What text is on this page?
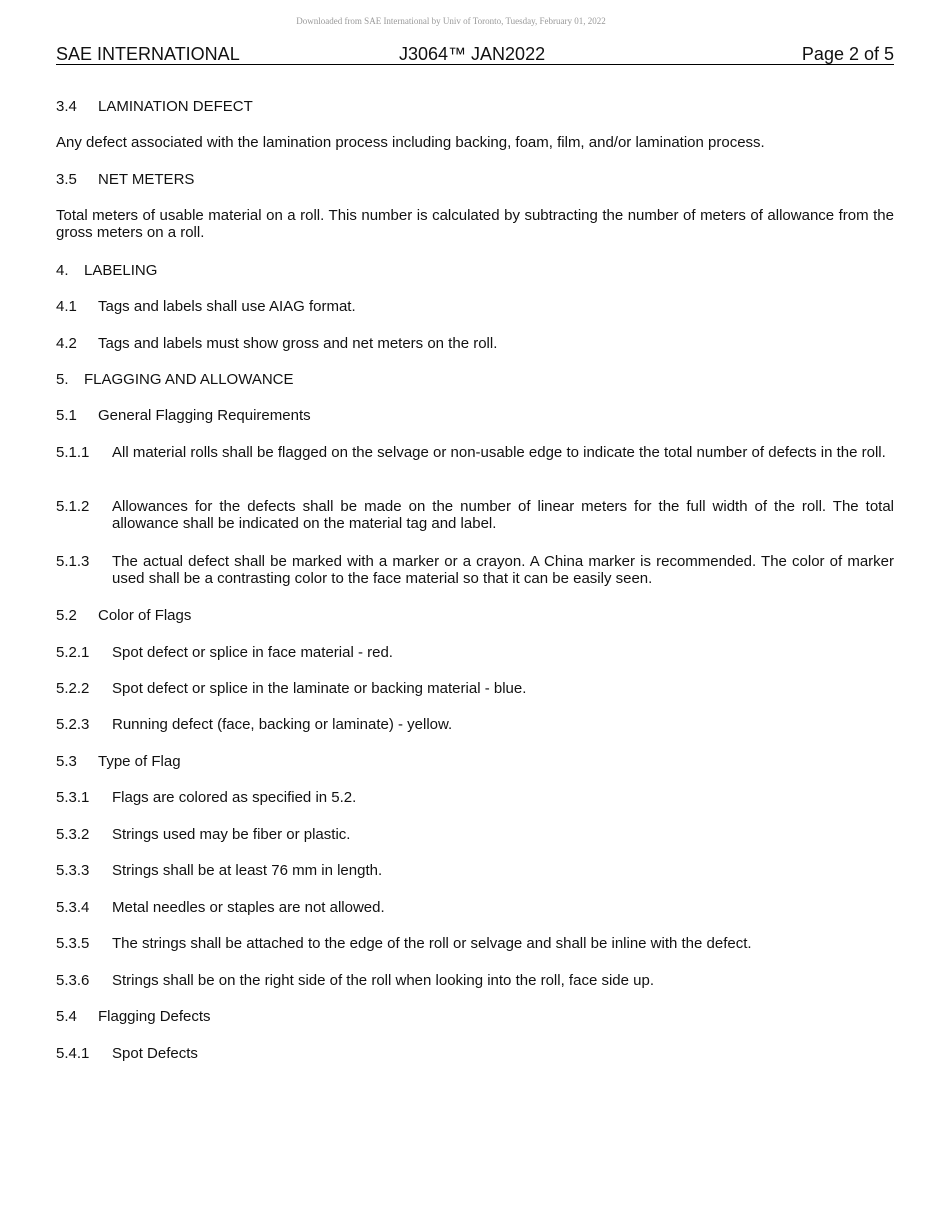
Downloaded from SAE International by Univ of Toronto, Tuesday, February 01, 2022
SAE INTERNATIONAL	J3064™ JAN2022	Page 2 of 5
3.4	LAMINATION DEFECT
Any defect associated with the lamination process including backing, foam, film, and/or lamination process.
3.5	NET METERS
Total meters of usable material on a roll. This number is calculated by subtracting the number of meters of allowance from the gross meters on a roll.
4.	LABELING
4.1	Tags and labels shall use AIAG format.
4.2	Tags and labels must show gross and net meters on the roll.
5.	FLAGGING AND ALLOWANCE
5.1	General Flagging Requirements
5.1.1	All material rolls shall be flagged on the selvage or non-usable edge to indicate the total number of defects in the roll.
5.1.2	Allowances for the defects shall be made on the number of linear meters for the full width of the roll. The total allowance shall be indicated on the material tag and label.
5.1.3	The actual defect shall be marked with a marker or a crayon. A China marker is recommended. The color of marker used shall be a contrasting color to the face material so that it can be easily seen.
5.2	Color of Flags
5.2.1	Spot defect or splice in face material - red.
5.2.2	Spot defect or splice in the laminate or backing material - blue.
5.2.3	Running defect (face, backing or laminate) - yellow.
5.3	Type of Flag
5.3.1	Flags are colored as specified in 5.2.
5.3.2	Strings used may be fiber or plastic.
5.3.3	Strings shall be at least 76 mm in length.
5.3.4	Metal needles or staples are not allowed.
5.3.5	The strings shall be attached to the edge of the roll or selvage and shall be inline with the defect.
5.3.6	Strings shall be on the right side of the roll when looking into the roll, face side up.
5.4	Flagging Defects
5.4.1	Spot Defects
